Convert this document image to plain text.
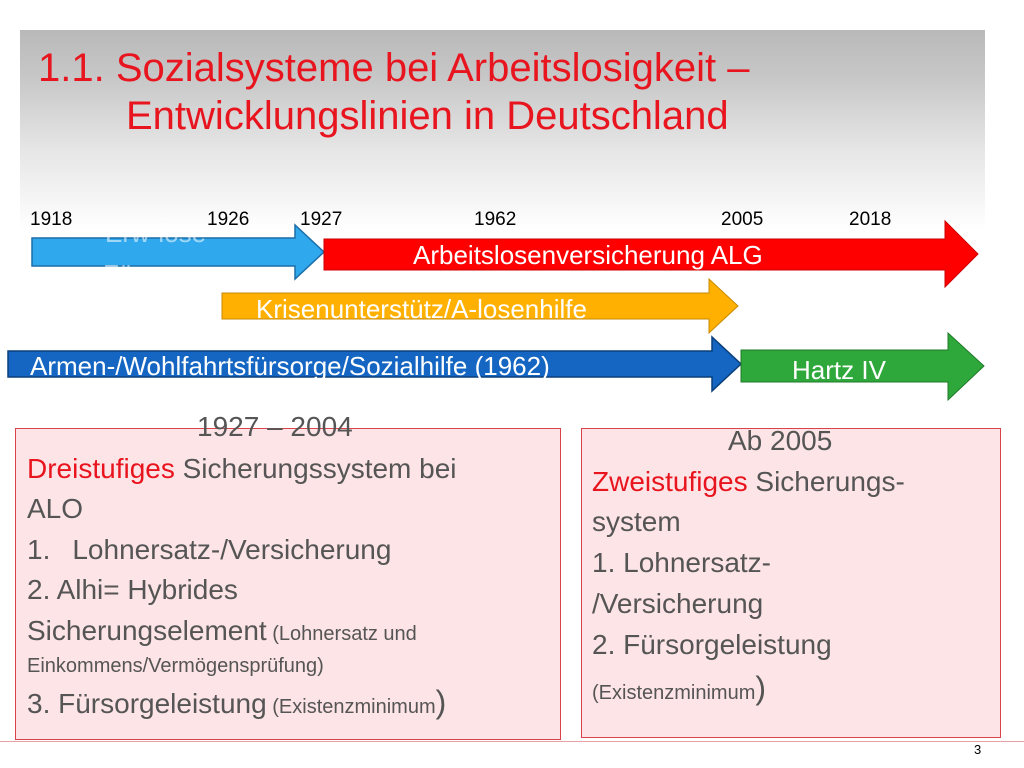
1.1. Sozialsysteme bei Arbeitslosigkeit –
Entwicklungslinien in Deutschland
1918	1926	1927	1962	2005	2018
Erw-lose
Fürsorge
Arbeitslosenversicherung ALG
Krisenunterstütz/A-losenhilfe
Armen-/Wohlfahrtsfürsorge/Sozialhilfe (1962)	Hartz IV
1927 – 2004
Dreistufiges Sicherungssystem bei
ALO
1. Lohnersatz-/Versicherung
2. Alhi= Hybrides
Sicherungselement (Lohnersatz und
Einkommens/Vermögensprüfung)
3. Fürsorgeleistung (Existenzminimum)
Ab 2005
Zweistufiges Sicherungs-
system
1. Lohnersatz-
/Versicherung
2. Fürsorgeleistung
(Existenzminimum)
3
